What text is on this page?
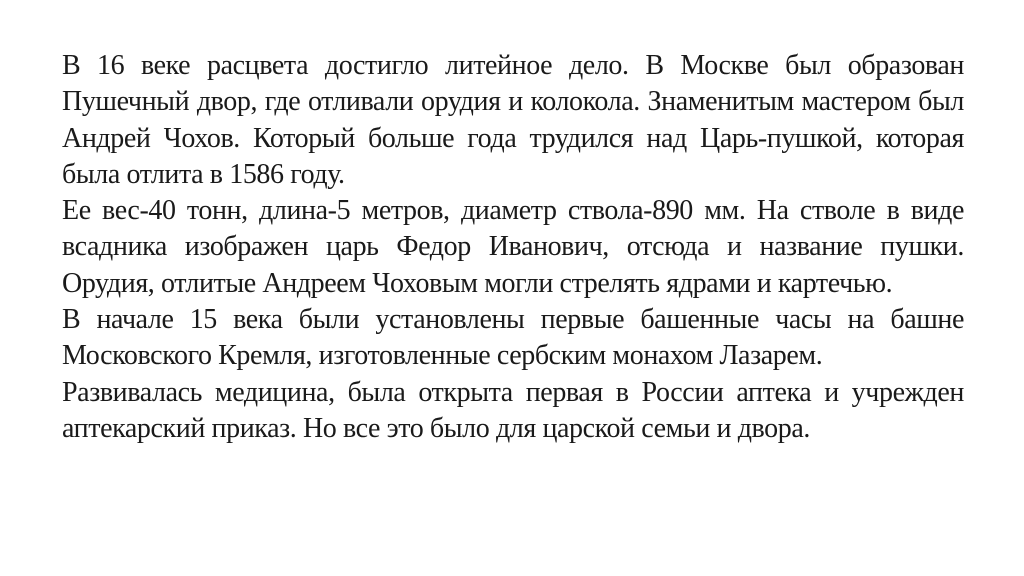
В 16 веке расцвета достигло литейное дело. В Москве был образован Пушечный двор, где отливали орудия и колокола. Знаменитым мастером был Андрей Чохов. Который больше года трудился над Царь-пушкой, которая была отлита в 1586 году.

Ее вес-40 тонн, длина-5 метров, диаметр ствола-890 мм. На стволе в виде всадника изображен царь Федор Иванович, отсюда и название пушки. Орудия, отлитые Андреем Чоховым могли стрелять ядрами и картечью.

В начале 15 века были установлены первые башенные часы на башне Московского Кремля, изготовленные сербским монахом Лазарем.

Развивалась медицина, была открыта первая в России аптека и учрежден аптекарский приказ. Но все это было для царской семьи и двора.
